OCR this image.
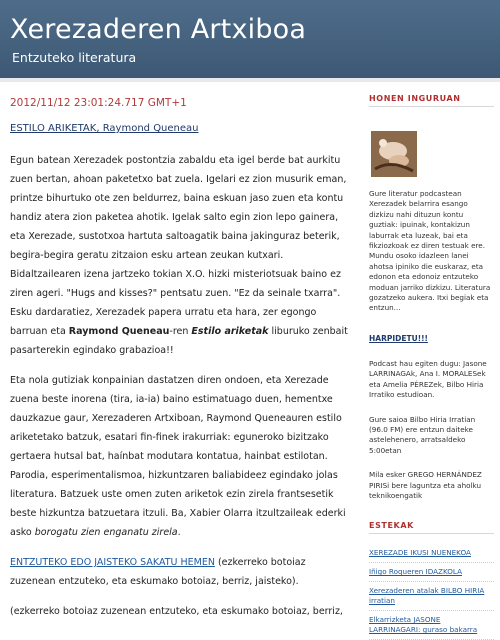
Xerezaderen Artxiboa
Entzuteko literatura
2012/11/12 23:01:24.717 GMT+1
ESTILO ARIKETAK, Raymond Queneau

Egun batean Xerezadek postontzia zabaldu eta igel berde bat aurkitu zuen bertan, ahoan paketetxo bat zuela. Igelari ez zion musurik eman, printze bihurtuko ote zen beldurrez, baina eskuan jaso zuen eta kontu handiz atera zion paketea ahotik. Igelak salto egin zion lepo gainera, eta Xerezade, sustotxoa hartuta saltoagatik baina jakinguraz beterik, begira-begira geratu zitzaion esku artean zeukan kutxari. Bidaltzailearen izena jartzeko tokian X.O. hizki misteriotsuak baino ez ziren ageri. "Hugs and kisses?" pentsatu zuen. "Ez da seinale txarra". Esku dardaratiez, Xerezadek papera urratu eta hara, zer egongo barruan eta Raymond Queneau-ren Estilo ariketak liburuko zenbait pasarterekin egindako grabazioa!!

Eta nola gutiziak konpainian dastatzen diren ondoen, eta Xerezade zuena beste inorena (tira, ia-ia) baino estimatuago duen, hementxe dauzkazue gaur, Xerezaderen Artxiboan, Raymond Queneauren estilo ariketetako batzuk, esatari fin-finek irakurriak: eguneroko bizitzako gertaera hutsal bat, haínbat modutara kontatua, hainbat estilotan. Parodia, esperimentalismoa, hizkuntzaren baliabideez egindako jolas literatura. Batzuek uste omen zuten ariketok ezin zirela frantsesetik beste hizkuntza batzuetara itzuli. Ba, Xabier Olarra itzultzaileak ederki asko borogatu zien enganatu zirela.

ENTZUTEKO EDO JAISTEKO SAKATU HEMEN (ezkerreko botoiaz zuzenean entzuteko, eta eskumako botoiaz, berriz, jaisteko).

(ezkerreko botoiaz zuzenean entzuteko, eta eskumako botoiaz, berriz,

HONEN INGURUAN
Gure literatur podcastean Xerezadek belarrira esango dizkizu nahi dituzun kontu guztiak: ipuinak, kontakizun laburrak eta luzeak, bai eta fikziozkoak ez diren testuak ere. Mundu osoko idazleen lanei ahotsa ipiniko die euskaraz, eta edonon eta edonoiz entzuteko moduan jarriko dizkizu. Literatura gozatzeko aukera. Itxi begiak eta entzun...
HARPIDETU!!!
Podcast hau egiten dugu: Jasone LARRINAGAk, Ana I. MORALESek eta Amelia PÉREZek, Bilbo Hiria Irratiko estudioan.
Gure saioa Bilbo Hiria Irratian (96.0 FM) ere entzun daiteke astelehenero, arratsaldeko 5:00etan
Mila esker GREGO HERNÁNDEZ PIRISi bere laguntza eta aholku teknikoengatik
ESTEKAK
XEREZADE IKUSI NUENEKOA
Iñigo Roqueren IDAZKOLA
Xerezaderen atalak BILBO HIRIA irratian
Elkarrizketa JASONE LARRINAGARI: guraso bakarra
